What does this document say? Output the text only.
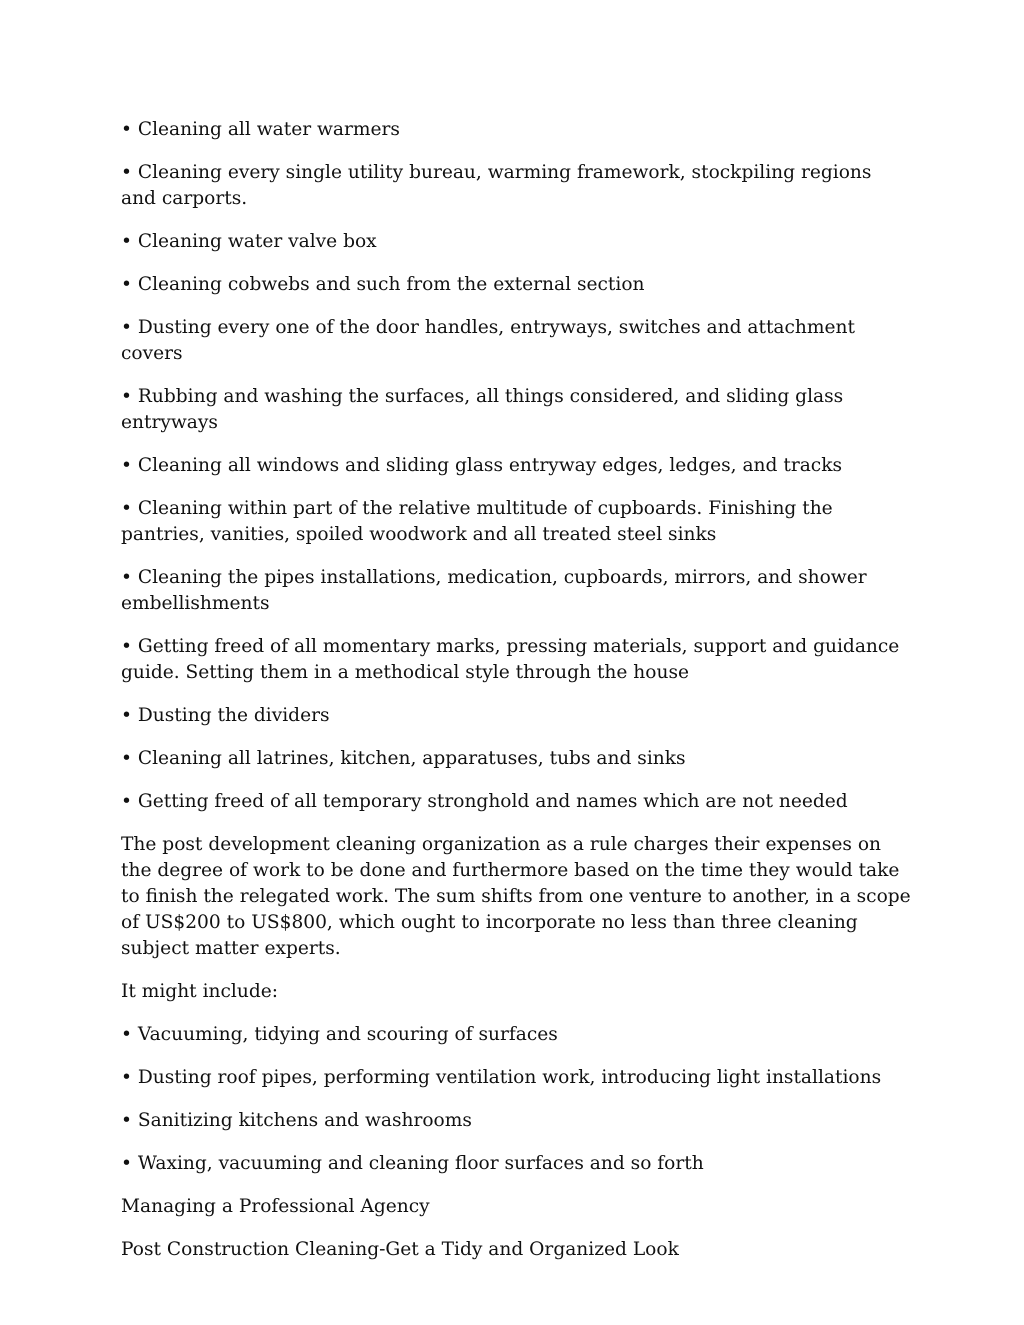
• Cleaning all water warmers

• Cleaning every single utility bureau, warming framework, stockpiling regions and carports.

• Cleaning water valve box

• Cleaning cobwebs and such from the external section

• Dusting every one of the door handles, entryways, switches and attachment covers

• Rubbing and washing the surfaces, all things considered, and sliding glass entryways

• Cleaning all windows and sliding glass entryway edges, ledges, and tracks

• Cleaning within part of the relative multitude of cupboards. Finishing the pantries, vanities, spoiled woodwork and all treated steel sinks

• Cleaning the pipes installations, medication, cupboards, mirrors, and shower embellishments

• Getting freed of all momentary marks, pressing materials, support and guidance guide. Setting them in a methodical style through the house

• Dusting the dividers

• Cleaning all latrines, kitchen, apparatuses, tubs and sinks

• Getting freed of all temporary stronghold and names which are not needed

The post development cleaning organization as a rule charges their expenses on the degree of work to be done and furthermore based on the time they would take to finish the relegated work. The sum shifts from one venture to another, in a scope of US$200 to US$800, which ought to incorporate no less than three cleaning subject matter experts.

It might include:

• Vacuuming, tidying and scouring of surfaces

• Dusting roof pipes, performing ventilation work, introducing light installations

• Sanitizing kitchens and washrooms

• Waxing, vacuuming and cleaning floor surfaces and so forth

Managing a Professional Agency

Post Construction Cleaning-Get a Tidy and Organized Look
